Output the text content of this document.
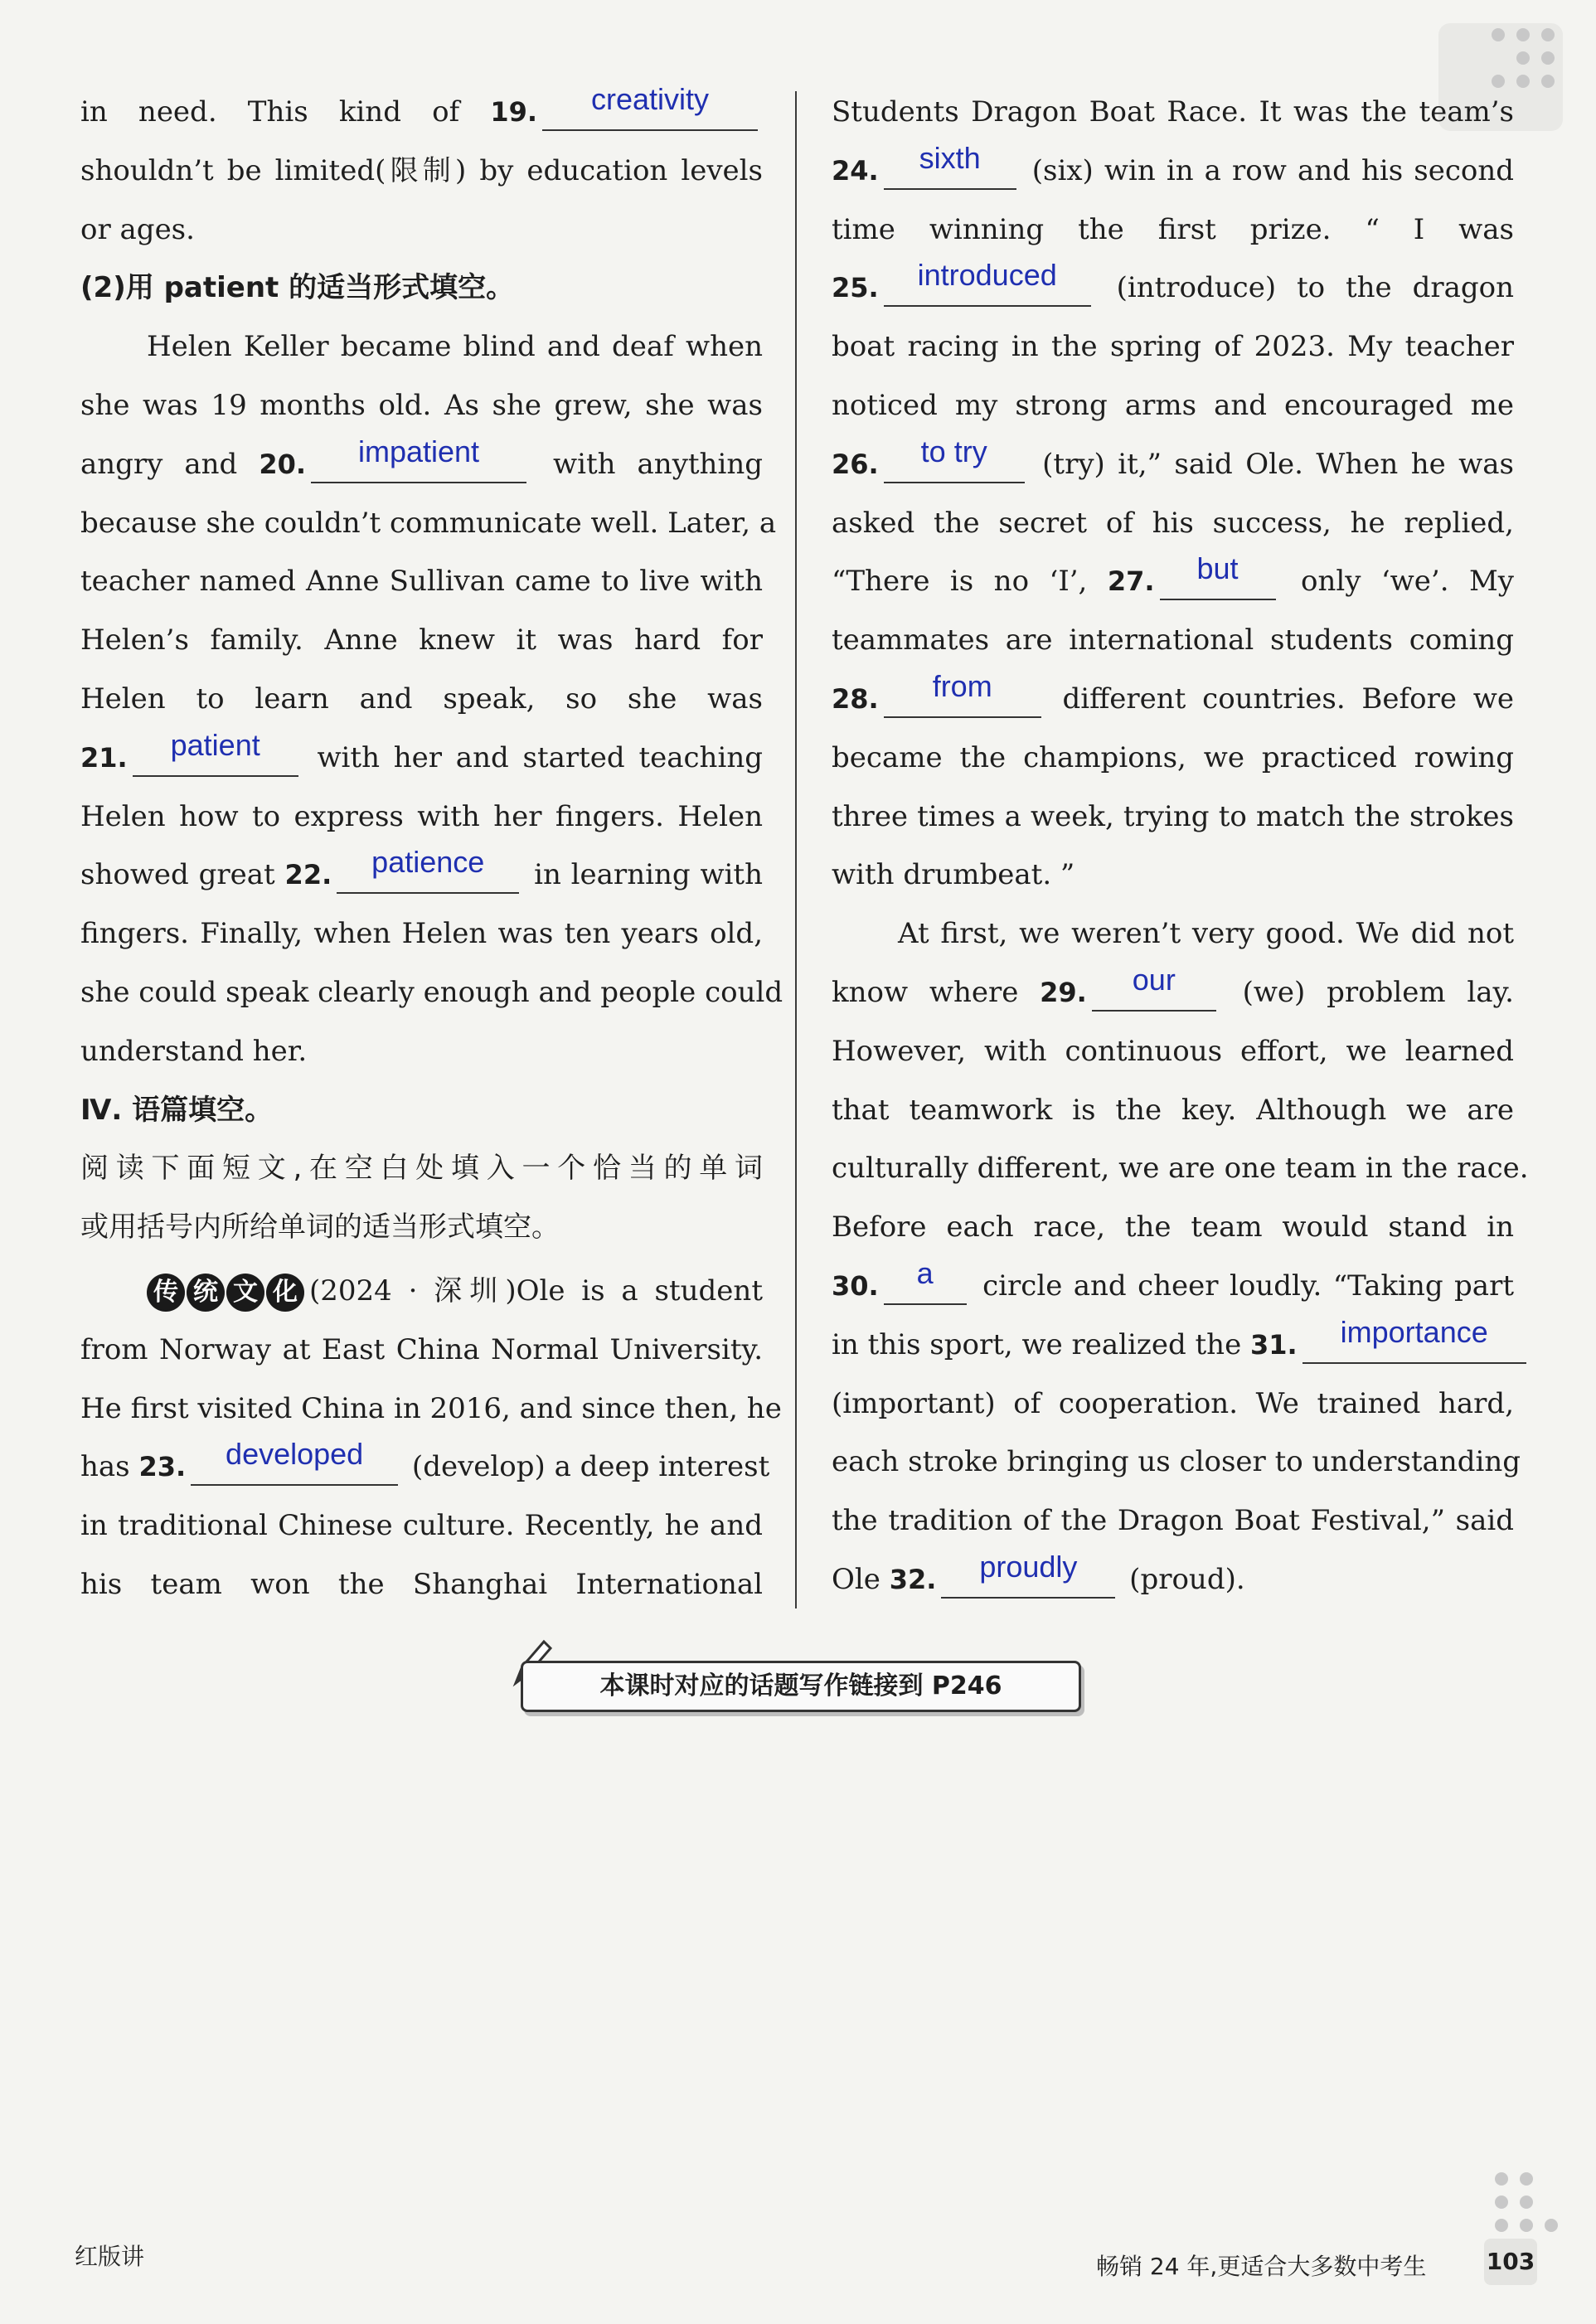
in need. This kind of 19. creativity
shouldn’t be limited(限制) by education levels
or ages.
(2)用 patient 的适当形式填空。
Helen Keller became blind and deaf when
she was 19 months old. As she grew, she was
angry and 20. impatient with anything
because she couldn’t communicate well. Later, a
teacher named Anne Sullivan came to live with
Helen’s family. Anne knew it was hard for
Helen to learn and speak, so she was
21. patient with her and started teaching
Helen how to express with her fingers. Helen
showed great 22. patience in learning with
fingers. Finally, when Helen was ten years old,
she could speak clearly enough and people could
understand her.
Ⅳ. 语篇填空。
阅读下面短文,在空白处填入一个恰当的单词
或用括号内所给单词的适当形式填空。
传 统 文 化 (2024 · 深圳)Ole is a student
from Norway at East China Normal University.
He first visited China in 2016, and since then, he
has 23. developed (develop) a deep interest
in traditional Chinese culture. Recently, he and
his team won the Shanghai International
Students Dragon Boat Race. It was the team’s
24. sixth (six) win in a row and his second
time winning the first prize. “ I was
25. introduced (introduce) to the dragon
boat racing in the spring of 2023. My teacher
noticed my strong arms and encouraged me
26. to try (try) it,” said Ole. When he was
asked the secret of his success, he replied,
“There is no ‘I’, 27. but only ‘we’. My
teammates are international students coming
28. from different countries. Before we
became the champions, we practiced rowing
three times a week, trying to match the strokes
with drumbeat. ”
At first, we weren’t very good. We did not
know where 29. our (we) problem lay.
However, with continuous effort, we learned
that teamwork is the key. Although we are
culturally different, we are one team in the race.
Before each race, the team would stand in
30. a circle and cheer loudly. “Taking part
in this sport, we realized the 31. importance
(important) of cooperation. We trained hard,
each stroke bringing us closer to understanding
the tradition of the Dragon Boat Festival,” said
Ole 32. proudly (proud).
本课时对应的话题写作链接到 P246
红版讲	畅销 24 年,更适合大多数中考生	103
